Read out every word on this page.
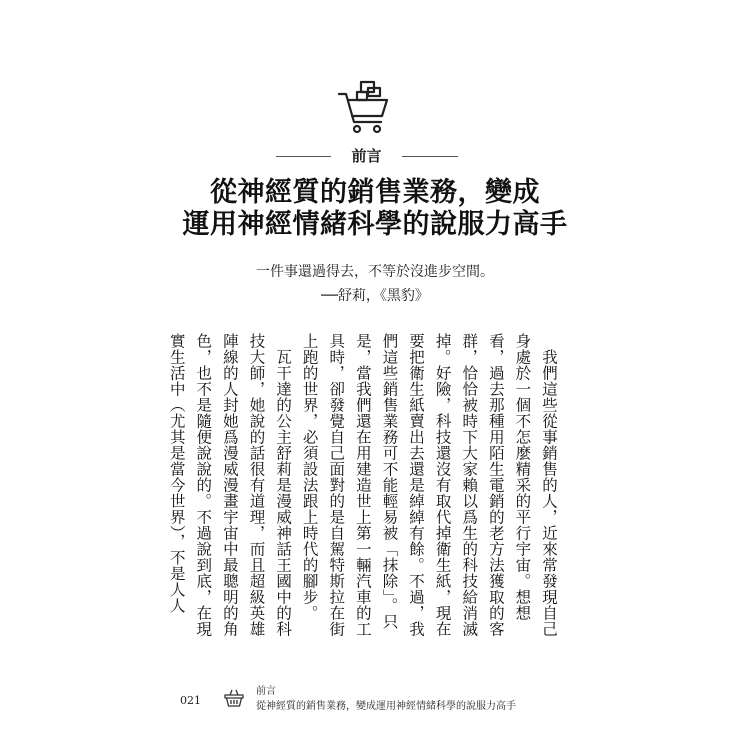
前言
從神經質的銷售業務，變成
運用神經情緒科學的說服力高手
一件事還過得去，不等於沒進步空間。
──舒莉，《黑豹》

我們這些從事銷售的人，近來常發現自己身處於一個不怎麼精采的平行宇宙。想想看，過去那種用陌生電銷的老方法獲取的客群，恰恰被時下大家賴以爲生的科技給消滅掉。好險，科技還沒有取代掉衛生紙，現在要把衛生紙賣出去還是綽綽有餘。不過，我們這些銷售業務可不能輕易被「抹除」。只是，當我們還在用建造世上第一輛汽車的工具時，卻發覺自己面對的是自駕特斯拉在街上跑的世界，必須設法跟上時代的腳步。

瓦干達的公主舒莉是漫威神話王國中的科技大師，她說的話很有道理，而且超級英雄陣線的人封她爲漫威漫畫宇宙中最聰明的角色，也不是隨便說說的。不過說到底，在現實生活中（尤其是當今世界），不是人人

021
前言
從神經質的銷售業務，變成運用神經情緒科學的說服力高手
